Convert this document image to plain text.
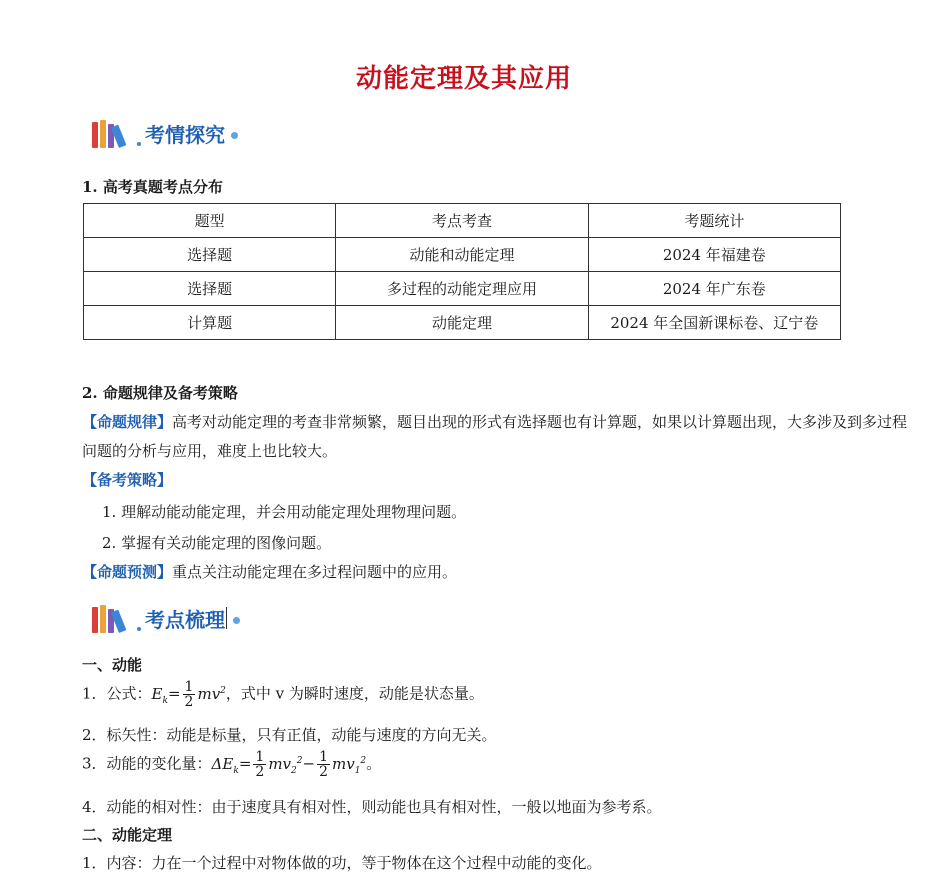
动能定理及其应用
考情探究
1. 高考真题考点分布
题型	考点考查	考题统计
选择题	动能和动能定理	2024 年福建卷
选择题	多过程的动能定理应用	2024 年广东卷
计算题	动能定理	2024 年全国新课标卷、辽宁卷
2. 命题规律及备考策略
【命题规律】高考对动能定理的考查非常频繁，题目出现的形式有选择题也有计算题，如果以计算题出现，大多涉及到多过程问题的分析与应用，难度上也比较大。
【备考策略】
1. 理解动能动能定理，并会用动能定理处理物理问题。
2. 掌握有关动能定理的图像问题。
【命题预测】重点关注动能定理在多过程问题中的应用。
考点梳理
一、动能
1．公式：$E_k= \frac{1}{2} mv^2$，式中 v 为瞬时速度，动能是状态量。
2．标矢性：动能是标量，只有正值，动能与速度的方向无关。
3．动能的变化量：$\Delta E_k= \frac{1}{2} mv_2^2- \frac{1}{2} mv_1^2$。
4．动能的相对性：由于速度具有相对性，则动能也具有相对性，一般以地面为参考系。
二、动能定理
1．内容：力在一个过程中对物体做的功，等于物体在这个过程中动能的变化。
